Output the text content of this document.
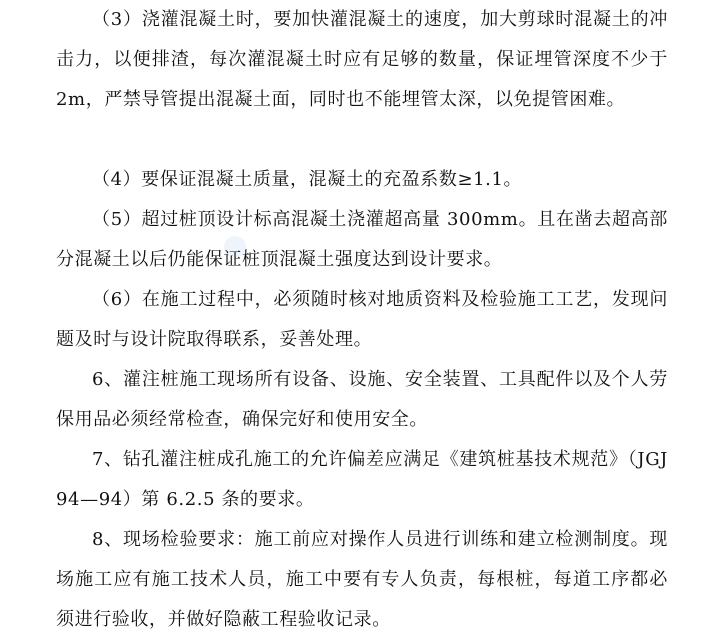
（3）浇灌混凝土时，要加快灌混凝土的速度，加大剪球时混凝土的冲击力，以便排渣，每次灌混凝土时应有足够的数量，保证埋管深度不少于 2m，严禁导管提出混凝土面，同时也不能埋管太深，以免提管困难。

（4）要保证混凝土质量，混凝土的充盈系数≥1.1。

（5）超过桩顶设计标高混凝土浇灌超高量 300mm。且在凿去超高部分混凝土以后仍能保证桩顶混凝土强度达到设计要求。

（6）在施工过程中，必须随时核对地质资料及检验施工工艺，发现问题及时与设计院取得联系，妥善处理。

6、灌注桩施工现场所有设备、设施、安全装置、工具配件以及个人劳保用品必须经常检查，确保完好和使用安全。

7、钻孔灌注桩成孔施工的允许偏差应满足《建筑桩基技术规范》（JGJ94—94）第 6.2.5 条的要求。

8、现场检验要求：施工前应对操作人员进行训练和建立检测制度。现场施工应有施工技术人员，施工中要有专人负责，每根桩，每道工序都必须进行验收，并做好隐蔽工程验收记录。
